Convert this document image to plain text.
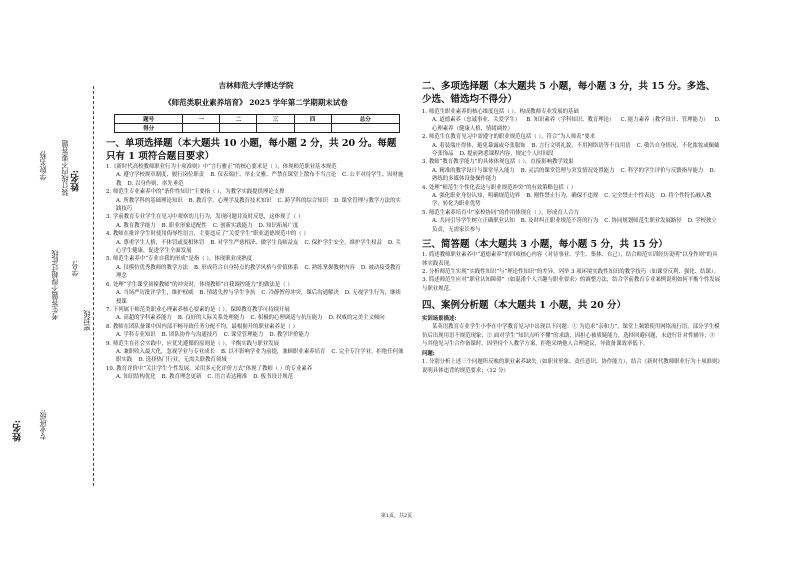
姓名: 专业班级:
考生答题不得超过此线
装订线内不要答题 姓名:
学号:
密封线
学院名称:
吉林师范大学博达学院
《师范类职业素养培育》 2025 学年第二学期期末试卷
题号	一	二	三	四	总分
得分					
一、单项选择题（本大题共 10 小题，每小题 2 分，共 20 分。每题
只有 1 项符合题目要求）
1.《新时代高校教师职业行为十项准则》中“言行雅正”的核心要求是（ ），体现师范职业基本规范
A. 遵守学校规章制度、履行岗位职责 B. 仪表端庄、举止文雅、严禁在课堂上散布不当言论 C. 公平对待学生、因材施教 D. 以身作则、率先垂范
2. 师范生专业素养中的“条件性知识”主要指（ ），为教学实践提供理论支撑
A. 所教学科的基础理论知识 B. 教育学、心理学及教育技术知识 C. 跨学科的综合知识 D. 课堂管理与教学方法的实践技巧
3. 学前教育专业学生在见习中观察幼儿行为，发现问题并及时反思，这体现了（ ）
A. 教育教学能力 B. 职业形象适配性 C. 创新实践能力 D. 知识拓展广度
4. 教师在批评学生时使用侮辱性语言，主要违反了“关爱学生”职业道德规范中的（ ）
A. 尊重学生人格，不体罚或变相体罚 B. 对学生严慈相济、做学生良师益友 C. 保护学生安全，维护学生权益 D. 关心学生健康，促进学生全面发展
5. 师范生素养中“专业自我的形成”是指（ ），体现职业成熟度
A. 仅模仿优秀教师的教学方法 B. 形成符合自身特点的教学风格与价值体系 C. 熟练掌握教材内容 D. 被动接受教育理念
6. 处理“学生课堂顶撞教师”的冲突时，体现教师“自我调控能力”的做法是（ ）
A. 当场严厉批评学生，维护权威 B. 情绪失控与学生争执 C. 冷静暂停冲突，课后沟通解决 D. 无视学生行为，继续授课
7. 下列属于师范类职业心理素养核心要素的是（ ），保障教育教学可持续开展
A. 高超的学科素养能力 B. 良好的人际关系处理能力 C. 积极的心理调适与抗压能力 D. 权威的完美主义倾向
8. 教师在团队备课中因内部不畅导致任务分配不均，最根据升的职业素养是（ ）
A. 学科专业知识 B. 团队协作与沟通技巧 C. 课堂管理能力 D. 教学评价能力
9. 师范生在社会实践中，应优先遵循的原则是（ ），平衡实践与职业发展
A. 兼职收入最大化，忽视学业与专业成长 B. 以不影响学业为前提，兼顾职业素养培育 C. 完全专注学业，拒绝任何兼职实践 D. 选择热门行业，无需关联教育领域
10. 教育评价中“关注学生个性发展，采用多元化评价方式”体现了教师（ ）的专业素养
A. 知识结构优化 B. 教育理念更新 C. 语言表达精准 D. 板书设计规范
二、多项选择题（本大题共 5 小题，每小题 3 分，共 15 分。多选、
少选、错选均不得分）
1. 师范生职业素养的核心维度包括（ ），构成教师专业发展的基础
A. 道德素养（忠诚事业、关爱学生） B. 知识素养（学科知识、教育理论） C. 能力素养（教学设计、管理能力） D. 心理素养（健康人格、情绪调控）
2. 师范生在教育见习中需遵守的职业规范包括（ ），符合“为人师表”要求
A. 着装端庄得体，避免暴露或夸张服饰 B. 言行文明礼貌，不用网络语等不良用语 C. 敬告自身情况，不化浓妆或佩戴夸张饰品 D. 提前熟悉课程内容，规定个人时间段
3. 教师“教育教学能力”的具体体现包括（ ），直接影响教学效果
A. 精准的教学设计与课堂导入能力 B. 灵活的课堂管理与突发情况处置能力 C. 科学的学生评价与反馈指导能力 D. 熟练的多媒体设备操作能力
4. 处理“师范生个性化表达与职业规范冲突”的有效策略包括（ ）
A. 强化职业身份认知，明确规范边界 B. 刚性禁止行为，确保不违规 C. 完全禁止个性表达 D. 将个性特长融入教学，转化为职业优势
5. 师范生素养培育中“家校协同”的作用体现在（ ），形成育人合力
A. 共同引导学生树立正确职业认知 B. 及时纠正职业规范不符的行为 C. 协同规划师范生职业发展路径 D. 学校独立负责，无需家长参与
三、简答题（本大题共 3 小题，每小题 5 分，共 15 分）
1. 简述教师职业素养中“道德素养”的四项核心内容（对待事业、学生、集体、自己），结合师范实训经历说明“以身作则”的具体实践表现。
2. 分析师范生实现“实践性知识”与“理论性知识”的差异，列举 3 项环境实践性知识的教学技巧（如课堂反利、强化、结课）。
3. 简述师范生应对“职业认知障碍”（如混淆个人兴趣与职业要求）的调整方法，结合学前教育专业案例说明如何平衡个性发展与职业规范。
四、案例分析题（本大题共 1 小题，共 20 分）
实训场景描述:
某英语教育专业学生小李在中学教育见习中出现以下问题：① 为追求“亲和力”，课堂上频繁使用网络流行语，部分学生模仿后出现用语不规范现象；② 面对学生“知识点听不懂”的求助，因担心被质疑能力，选择回避问题，未进行针对性辅导；③ 与其他见习生合作备课时，因坚持个人教学方案，拒绝采纳他人合理建议，导致备课效率低下。
问题:
1. 分别分析上述三个问题所反映的职业素养缺失（如职业形象、责任意识、协作能力），结合《新时代教师职业行为十项准则》说明具体违背的规范要求；（12 分）
第1页，共2页
